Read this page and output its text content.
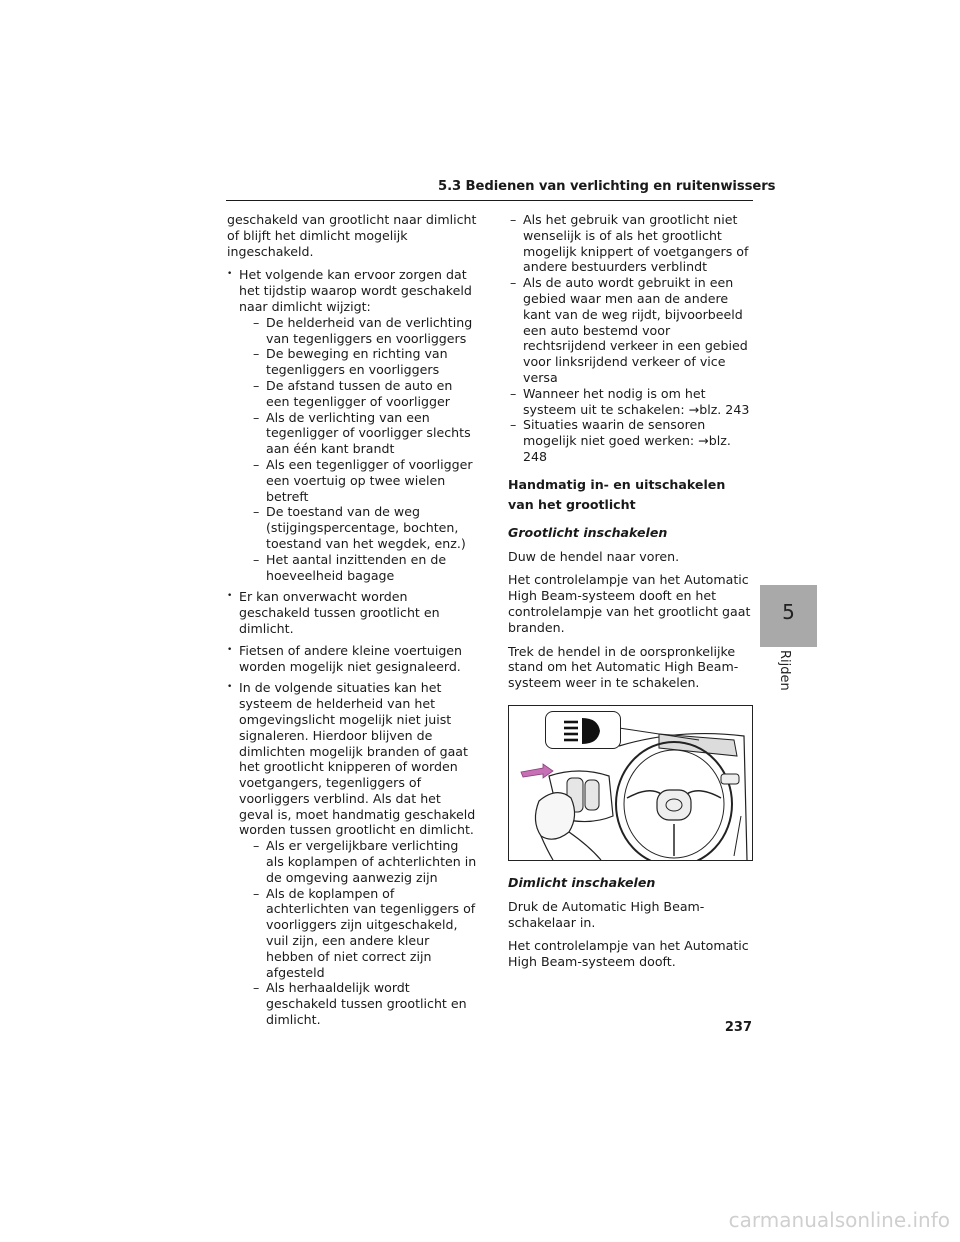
5.3 Bedienen van verlichting en ruitenwissers

geschakeld van grootlicht naar dimlicht of blijft het dimlicht mogelijk ingeschakeld.

• Het volgende kan ervoor zorgen dat het tijdstip waarop wordt geschakeld naar dimlicht wijzigt:

– De helderheid van de verlichting van tegenliggers en voorliggers

– De beweging en richting van tegenliggers en voorliggers

– De afstand tussen de auto en een tegenligger of voorligger

– Als de verlichting van een tegenligger of voorligger slechts aan één kant brandt

– Als een tegenligger of voorligger een voertuig op twee wielen betreft

– De toestand van de weg (stijgingspercentage, bochten, toestand van het wegdek, enz.)

– Het aantal inzittenden en de hoeveelheid bagage

• Er kan onverwacht worden geschakeld tussen grootlicht en dimlicht.

• Fietsen of andere kleine voertuigen worden mogelijk niet gesignaleerd.

• In de volgende situaties kan het systeem de helderheid van het omgevingslicht mogelijk niet juist signaleren. Hierdoor blijven de dimlichten mogelijk branden of gaat het grootlicht knipperen of worden voetgangers, tegenliggers of voorliggers verblind. Als dat het geval is, moet handmatig geschakeld worden tussen grootlicht en dimlicht.

– Als er vergelijkbare verlichting als koplampen of achterlichten in de omgeving aanwezig zijn

– Als de koplampen of achterlichten van tegenliggers of voorliggers zijn uitgeschakeld, vuil zijn, een andere kleur hebben of niet correct zijn afgesteld

– Als herhaaldelijk wordt geschakeld tussen grootlicht en dimlicht.

– Als het gebruik van grootlicht niet wenselijk is of als het grootlicht mogelijk knippert of voetgangers of andere bestuurders verblindt

– Als de auto wordt gebruikt in een gebied waar men aan de andere kant van de weg rijdt, bijvoorbeeld een auto bestemd voor rechtsrijdend verkeer in een gebied voor linksrijdend verkeer of vice versa

– Wanneer het nodig is om het systeem uit te schakelen: →blz. 243

– Situaties waarin de sensoren mogelijk niet goed werken: →blz. 248

Handmatig in- en uitschakelen van het grootlicht

Grootlicht inschakelen

Duw de hendel naar voren.

Het controlelampje van het Automatic High Beam-systeem dooft en het controlelampje van het grootlicht gaat branden.

Trek de hendel in de oorspronkelijke stand om het Automatic High Beam-systeem weer in te schakelen.

Dimlicht inschakelen

Druk de Automatic High Beam-schakelaar in.

Het controlelampje van het Automatic High Beam-systeem dooft.

5
Rijden
237
carmanualsonline.info
